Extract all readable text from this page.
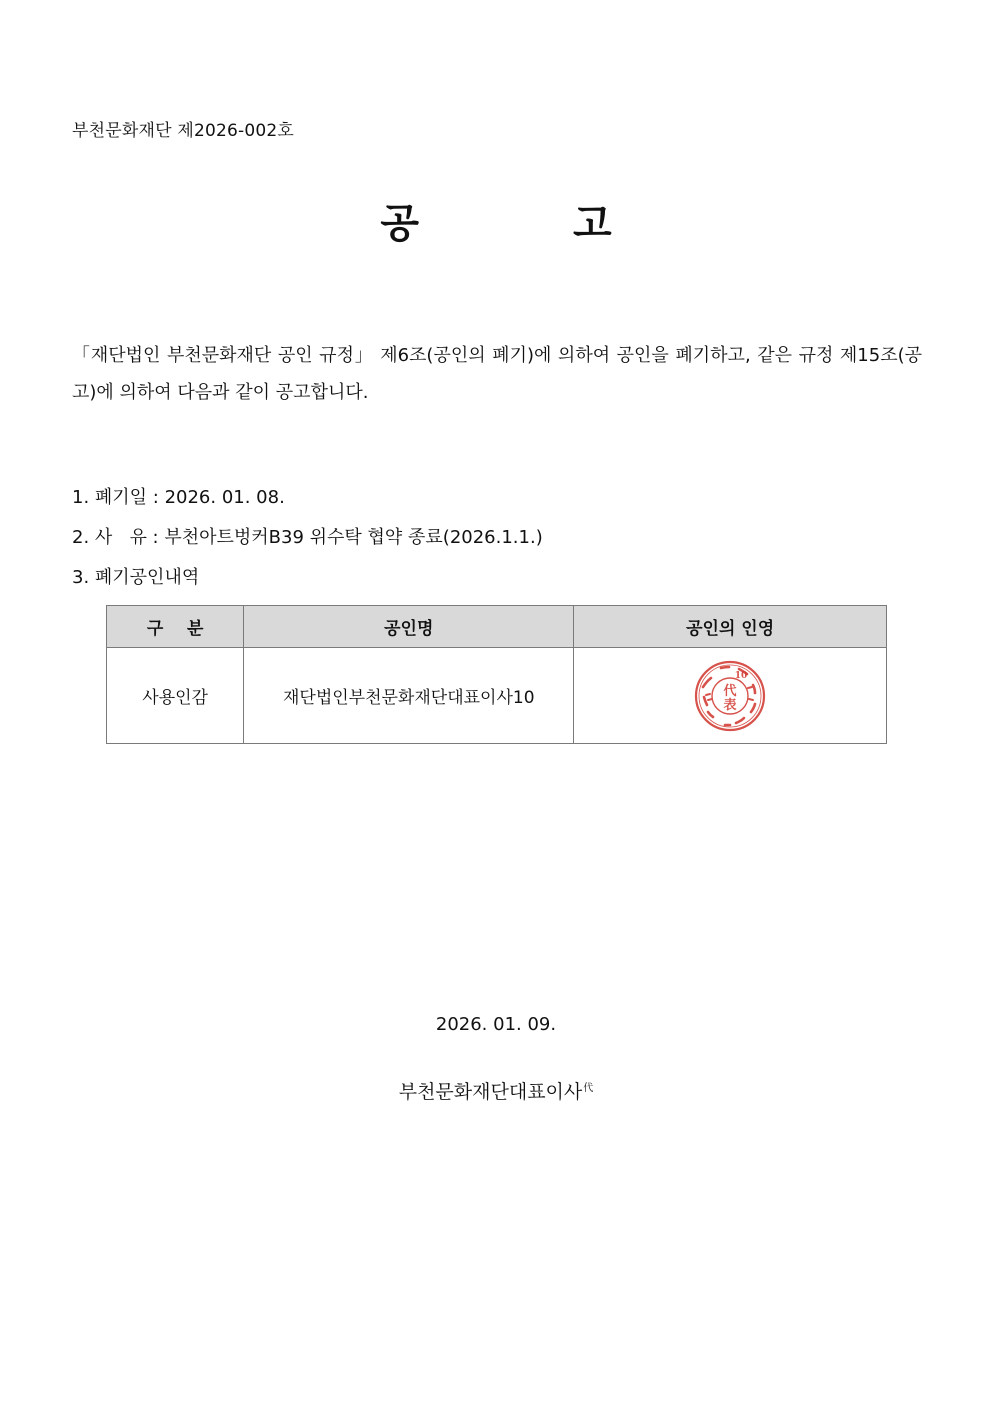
부천문화재단 제2026-002호
공 고
「재단법인 부천문화재단 공인 규정」 제6조(공인의 폐기)에 의하여 공인을 폐기하고, 같은 규정 제15조(공고)에 의하여 다음과 같이 공고합니다.
1. 폐기일 : 2026. 01. 08.
2. 사   유 : 부천아트벙커B39 위수탁 협약 종료(2026.1.1.)
3. 폐기공인내역
구    분	공인명	공인의 인영
사용인감	재단법인부천문화재단대표이사10	代
表
10
2026. 01. 09.
부천문화재단대표이사$^代$
